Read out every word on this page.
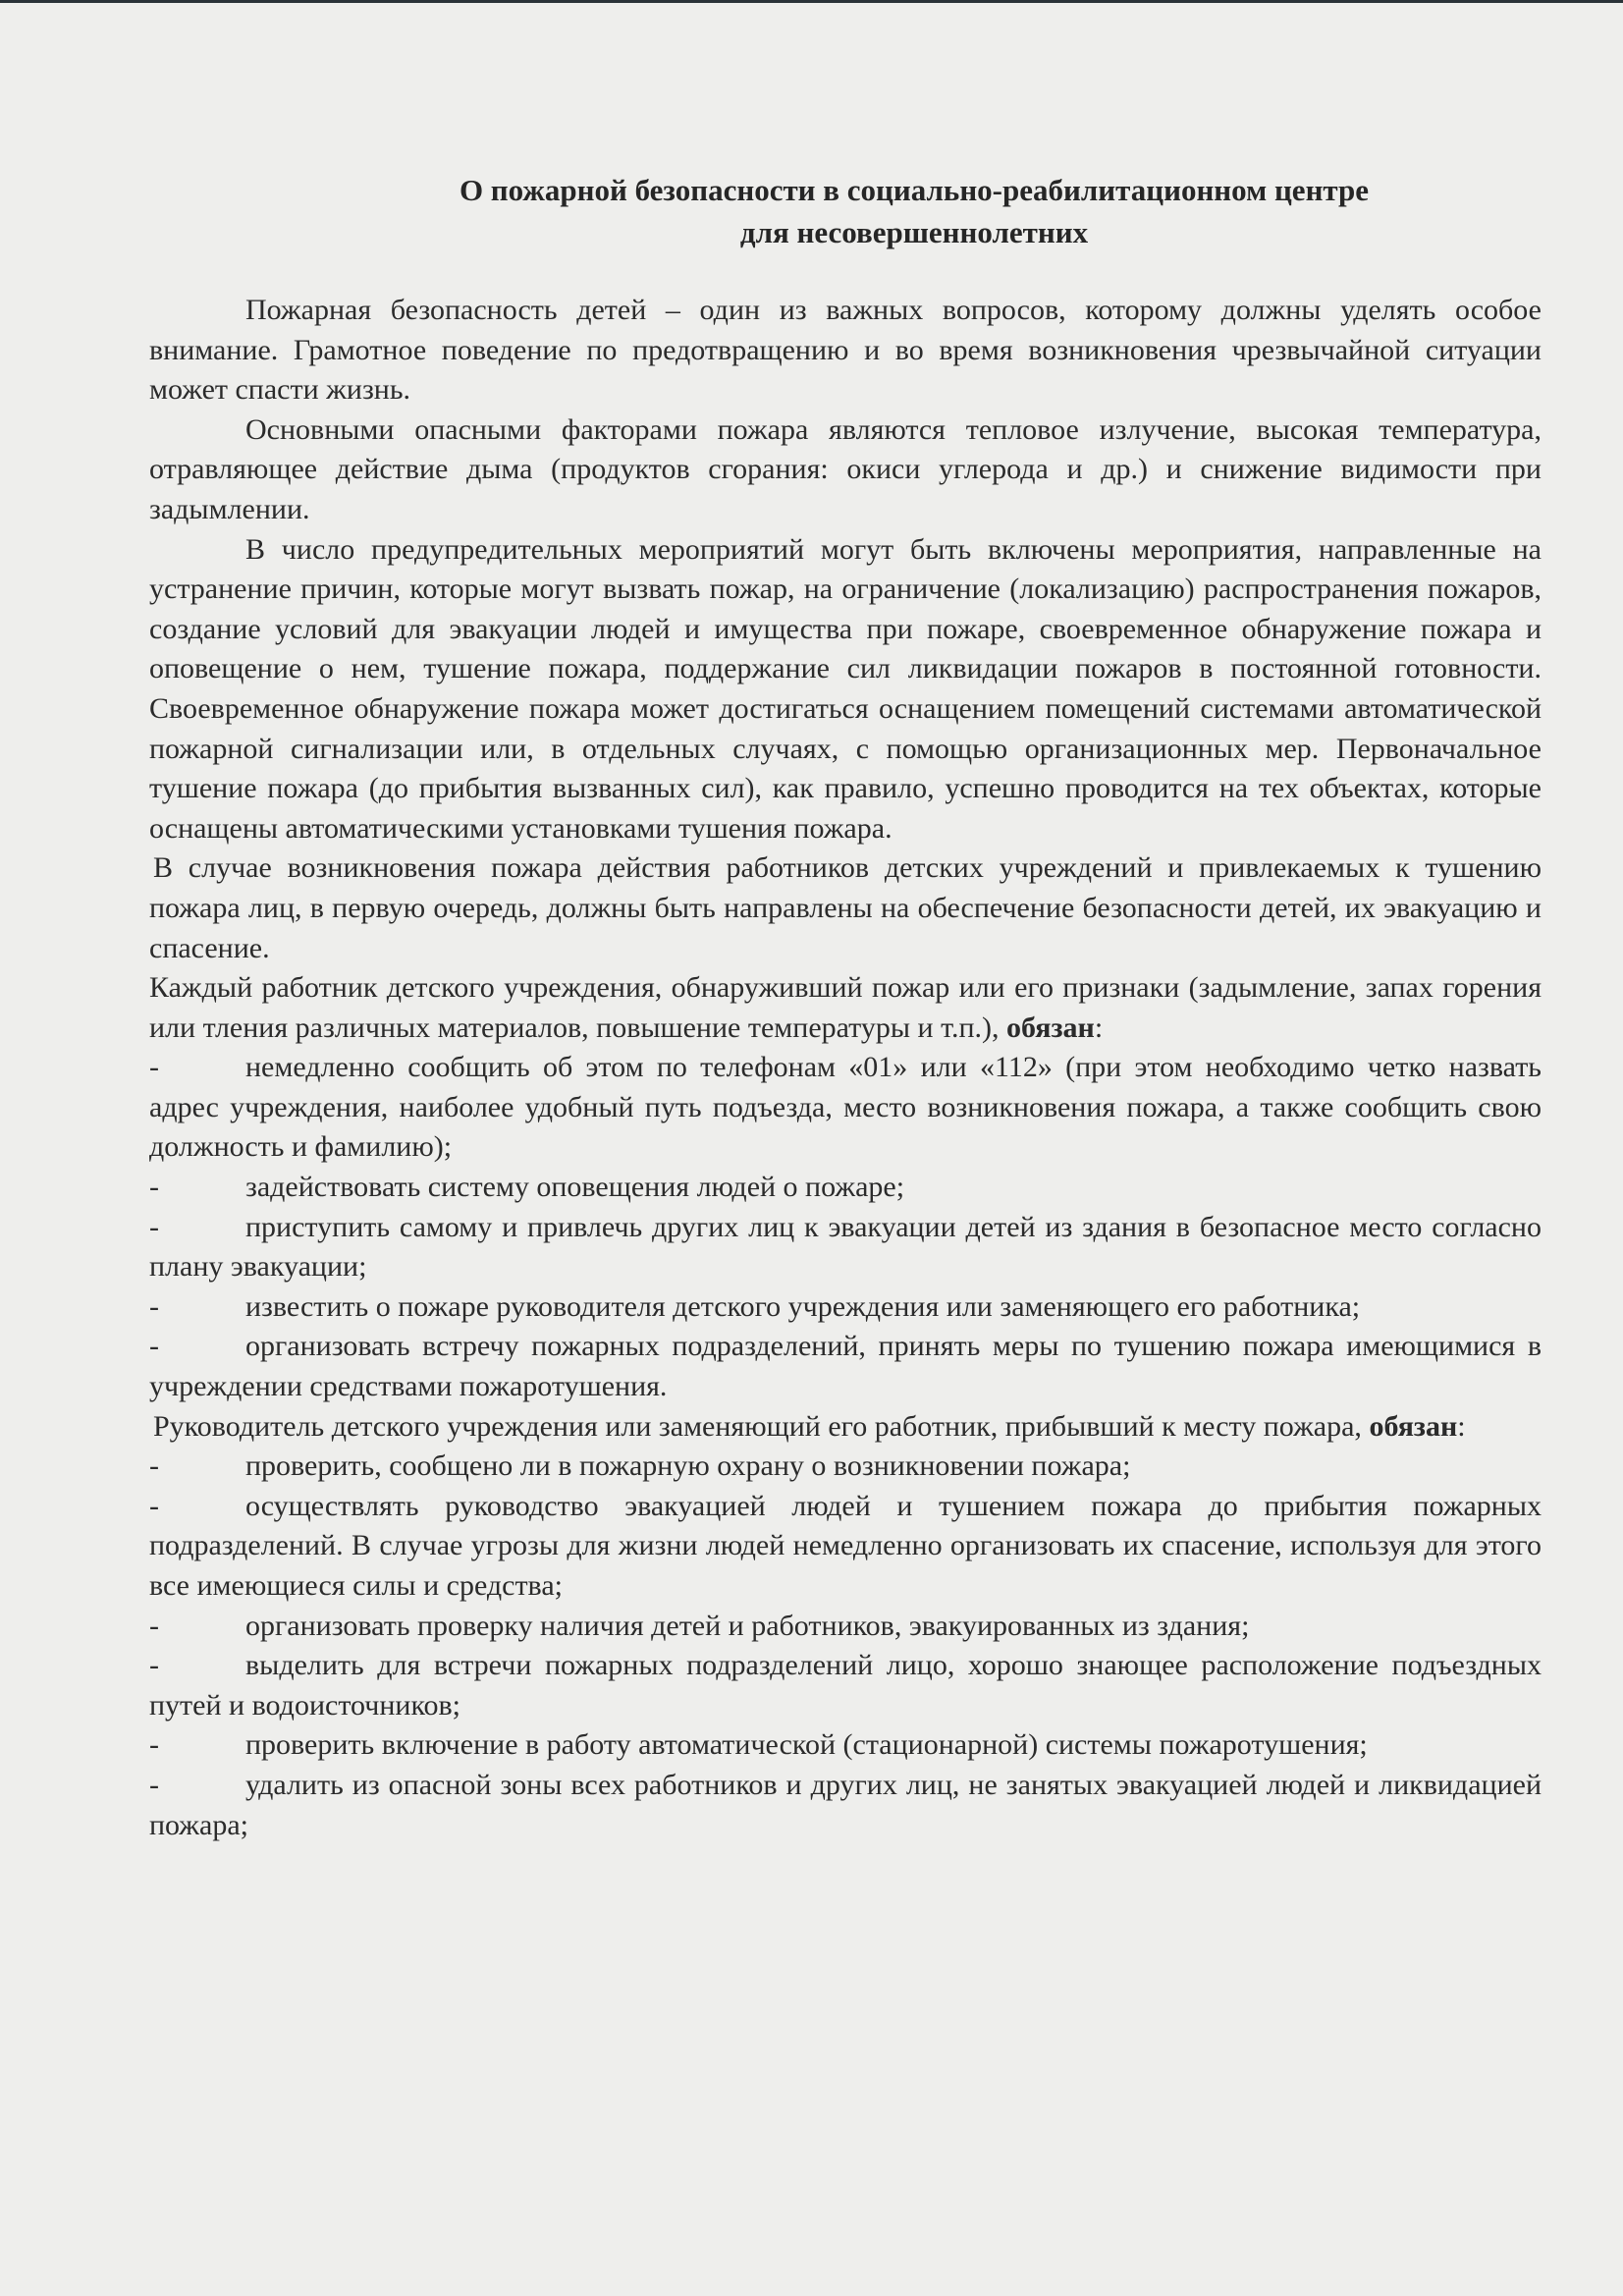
О пожарной безопасности в социально-реабилитационном центре
для несовершеннолетних

Пожарная безопасность детей – один из важных вопросов, которому должны уделять особое внимание. Грамотное поведение по предотвращению и во время возникновения чрезвычайной ситуации может спасти жизнь.

Основными опасными факторами пожара являются тепловое излучение, высокая температура, отравляющее действие дыма (продуктов сгорания: окиси углерода и др.) и снижение видимости при задымлении.

В число предупредительных мероприятий могут быть включены мероприятия, направленные на устранение причин, которые могут вызвать пожар, на ограничение (локализацию) распространения пожаров, создание условий для эвакуации людей и имущества при пожаре, своевременное обнаружение пожара и оповещение о нем, тушение пожара, поддержание сил ликвидации пожаров в постоянной готовности. Своевременное обнаружение пожара может достигаться оснащением помещений системами автоматической пожарной сигнализации или, в отдельных случаях, с помощью организационных мер. Первоначальное тушение пожара (до прибытия вызванных сил), как правило, успешно проводится на тех объектах, которые оснащены автоматическими установками тушения пожара.

В случае возникновения пожара действия работников детских учреждений и привлекаемых к тушению пожара лиц, в первую очередь, должны быть направлены на обеспечение безопасности детей, их эвакуацию и спасение.

Каждый работник детского учреждения, обнаруживший пожар или его признаки (задымление, запах горения или тления различных материалов, повышение температуры и т.п.), обязан:

-	немедленно сообщить об этом по телефонам «01» или «112» (при этом необходимо четко назвать адрес учреждения, наиболее удобный путь подъезда, место возникновения пожара, а также сообщить свою должность и фамилию);

-	задействовать систему оповещения людей о пожаре;

-	приступить самому и привлечь других лиц к эвакуации детей из здания в безопасное место согласно плану эвакуации;

-	известить о пожаре руководителя детского учреждения или заменяющего его работника;

-	организовать встречу пожарных подразделений, принять меры по тушению пожара имеющимися в учреждении средствами пожаротушения.

Руководитель детского учреждения или заменяющий его работник, прибывший к месту пожара, обязан:

-	проверить, сообщено ли в пожарную охрану о возникновении пожара;

-	осуществлять руководство эвакуацией людей и тушением пожара до прибытия пожарных подразделений. В случае угрозы для жизни людей немедленно организовать их спасение, используя для этого все имеющиеся силы и средства;

-	организовать проверку наличия детей и работников, эвакуированных из здания;

-	выделить для встречи пожарных подразделений лицо, хорошо знающее расположение подъездных путей и водоисточников;

-	проверить включение в работу автоматической (стационарной) системы пожаротушения;

-	удалить из опасной зоны всех работников и других лиц, не занятых эвакуацией людей и ликвидацией пожара;
